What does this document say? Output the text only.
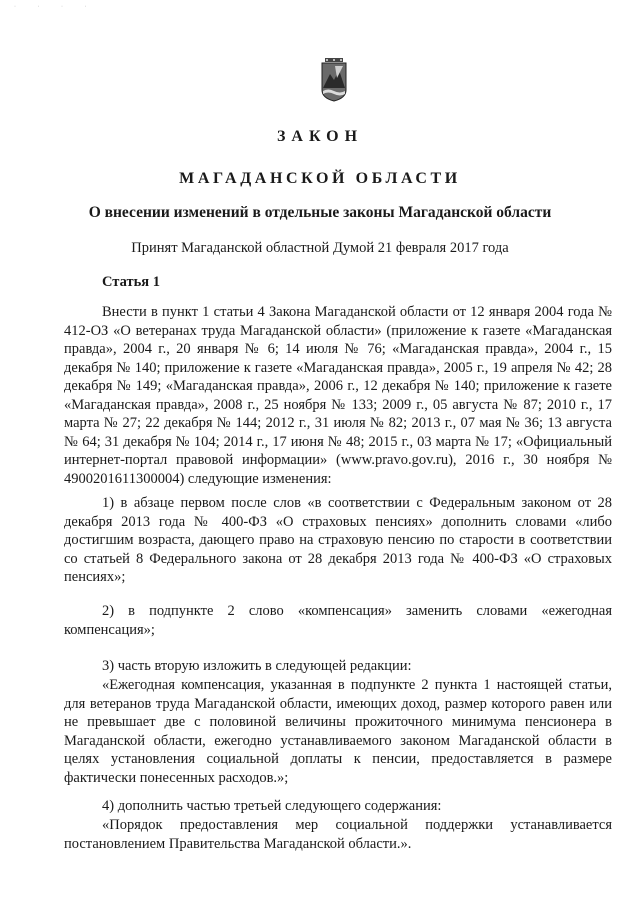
· · · ·
ЗАКОН
МАГАДАНСКОЙ ОБЛАСТИ
О внесении изменений в отдельные законы Магаданской области

Принят Магаданской областной Думой 21 февраля 2017 года

Статья 1

Внести в пункт 1 статьи 4 Закона Магаданской области от 12 января 2004 года № 412-ОЗ «О ветеранах труда Магаданской области» (приложение к газете «Магаданская правда», 2004 г., 20 января № 6; 14 июля № 76; «Магаданская правда», 2004 г., 15 декабря № 140; приложение к газете «Магаданская правда», 2005 г., 19 апреля № 42; 28 декабря № 149; «Магаданская правда», 2006 г., 12 декабря № 140; приложение к газете «Магаданская правда», 2008 г., 25 ноября № 133; 2009 г., 05 августа № 87; 2010 г., 17 марта № 27; 22 декабря № 144; 2012 г., 31 июля № 82; 2013 г., 07 мая № 36; 13 августа № 64; 31 декабря № 104; 2014 г., 17 июня № 48; 2015 г., 03 марта № 17; «Официальный интернет-портал правовой информации» (www.pravo.gov.ru), 2016 г., 30 ноября № 4900201611300004) следующие изменения:

1) в абзаце первом после слов «в соответствии с Федеральным законом от 28 декабря 2013 года № 400-ФЗ «О страховых пенсиях» дополнить словами «либо достигшим возраста, дающего право на страховую пенсию по старости в соответствии со статьей 8 Федерального закона от 28 декабря 2013 года № 400-ФЗ «О страховых пенсиях»;

2) в подпункте 2 слово «компенсация» заменить словами «ежегодная компенсация»;

3) часть вторую изложить в следующей редакции:

«Ежегодная компенсация, указанная в подпункте 2 пункта 1 настоящей статьи, для ветеранов труда Магаданской области, имеющих доход, размер которого равен или не превышает две с половиной величины прожиточного минимума пенсионера в Магаданской области, ежегодно устанавливаемого законом Магаданской области в целях установления социальной доплаты к пенсии, предоставляется в размере фактически понесенных расходов.»;

4) дополнить частью третьей следующего содержания:

«Порядок предоставления мер социальной поддержки устанавливается постановлением Правительства Магаданской области.».
